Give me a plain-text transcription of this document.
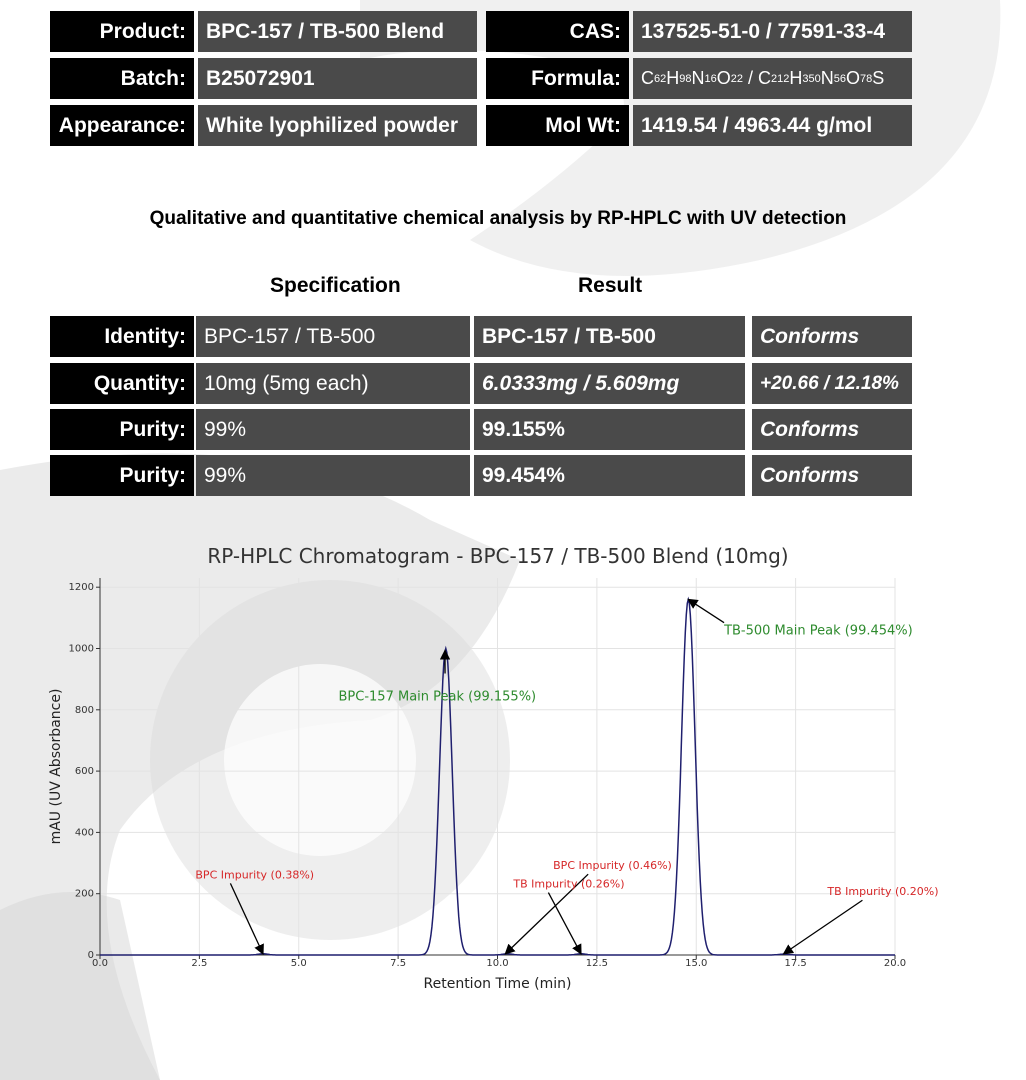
Product: BPC-157 / TB-500 Blend
Batch: B25072901
Appearance: White lyophilized powder
CAS: 137525-51-0 / 77591-33-4
Formula:	C 62 H 98 N 16 O 22 / C 212 H 350 N 56 O 78 S
Mol Wt: 1419.54 / 4963.44 g/mol
Qualitative and quantitative chemical analysis by RP-HPLC with UV detection
Specification	Result
Identity: BPC-157 / TB-500	BPC-157 / TB-500	Conforms
Quantity: 10mg (5mg each)	6.0333mg / 5.609mg	+20.66 / 12.18%
Purity: 99%	99.155%	Conforms
Purity: 99%	99.454%	Conforms
RP-HPLC Chromatogram - BPC-157 / TB-500 Blend (10mg)
0.0	2.5	5.0	7.5	10.0	12.5	15.0	17.5	20.0
0
200
400
600
800
1000
1200
Retention Time (min)
mAU (UV Absorbance)	BPC-157 Main Peak (99.155%)
TB-500 Main Peak (99.454%)
BPC Impurity (0.38%)
BPC Impurity (0.46%)
TB Impurity (0.26%)
TB Impurity (0.20%)
